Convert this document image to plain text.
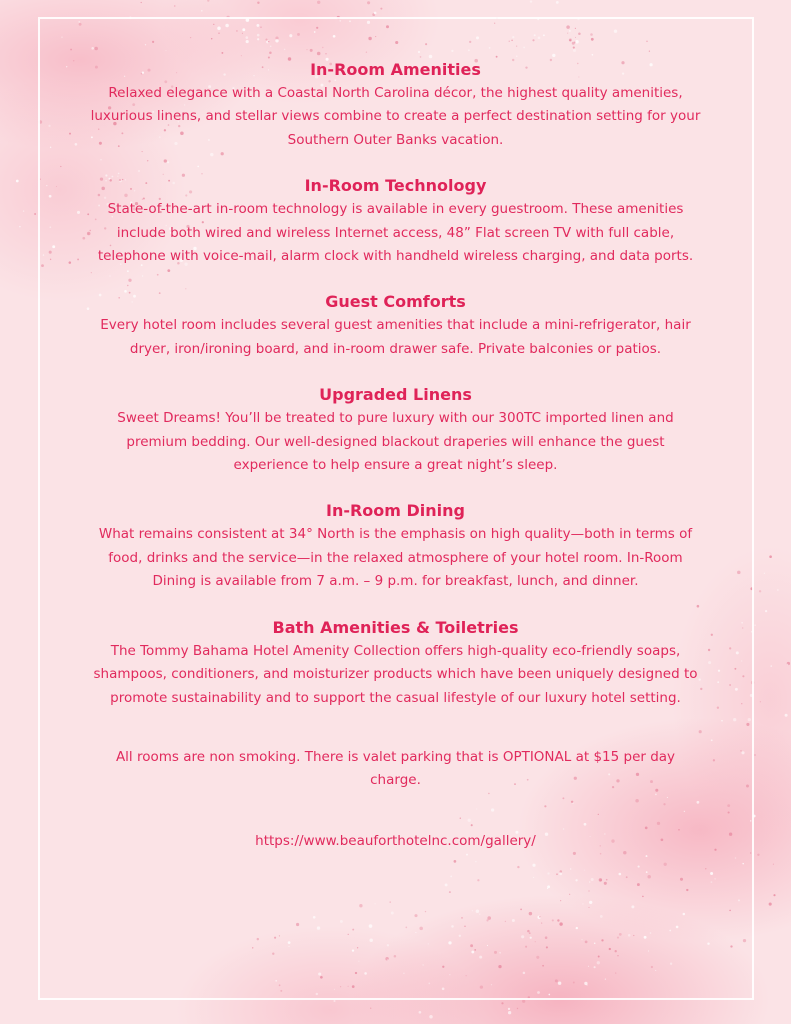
In-Room Amenities

Relaxed elegance with a Coastal North Carolina décor, the highest quality amenities, luxurious linens, and stellar views combine to create a perfect destination setting for your Southern Outer Banks vacation.

In-Room Technology

State-of-the-art in-room technology is available in every guestroom. These amenities include both wired and wireless Internet access, 48” Flat screen TV with full cable, telephone with voice-mail, alarm clock with handheld wireless charging, and data ports.

Guest Comforts

Every hotel room includes several guest amenities that include a mini-refrigerator, hair dryer, iron/ironing board, and in-room drawer safe. Private balconies or patios.

Upgraded Linens

Sweet Dreams! You’ll be treated to pure luxury with our 300TC imported linen and premium bedding. Our well-designed blackout draperies will enhance the guest experience to help ensure a great night’s sleep.

In-Room Dining

What remains consistent at 34° North is the emphasis on high quality—both in terms of food, drinks and the service—in the relaxed atmosphere of your hotel room. In-Room Dining is available from 7 a.m. – 9 p.m. for breakfast, lunch, and dinner.

Bath Amenities & Toiletries

The Tommy Bahama Hotel Amenity Collection offers high-quality eco-friendly soaps, shampoos, conditioners, and moisturizer products which have been uniquely designed to promote sustainability and to support the casual lifestyle of our luxury hotel setting.

All rooms are non smoking. There is valet parking that is OPTIONAL at $15 per day charge.

https://www.beauforthotelnc.com/gallery/
